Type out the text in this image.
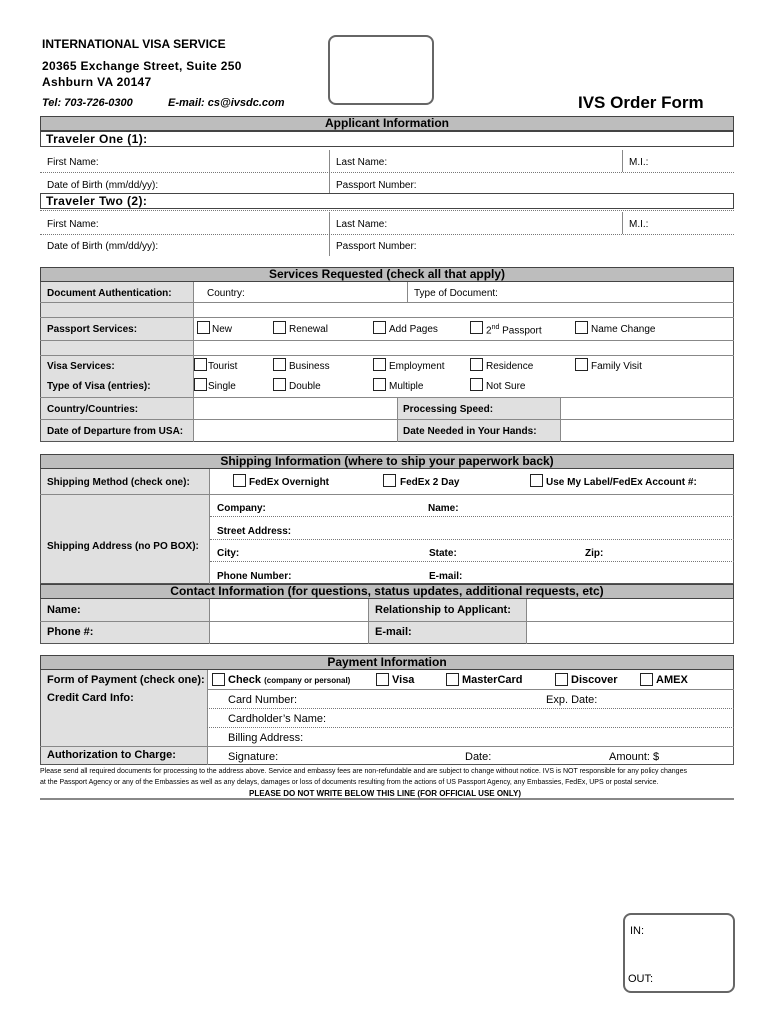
INTERNATIONAL VISA SERVICE
20365 Exchange Street, Suite 250
Ashburn VA 20147
Tel: 703-726-0300	E-mail: cs@ivsdc.com	IVS Order Form
Applicant Information
Traveler One (1):
First Name:	Last Name:	M.I.:
Date of Birth (mm/dd/yy):	Passport Number:
Traveler Two (2):
First Name:	Last Name:	M.I.:
Date of Birth (mm/dd/yy):	Passport Number:
Services Requested (check all that apply)
Document Authentication:	Country:	Type of Document:
Passport Services:	New	Renewal	Add Pages	2nd Passport	Name Change
Visa Services:	Tourist	Business	Employment	Residence	Family Visit
Type of Visa (entries):	Single	Double	Multiple	Not Sure
Country/Countries:	Processing Speed:
Date of Departure from USA:	Date Needed in Your Hands:
Shipping Information (where to ship your paperwork back)
Shipping Method (check one):	FedEx Overnight	FedEx 2 Day	Use My Label/FedEx Account #:
Shipping Address (no PO BOX):
Company:	Name:
Street Address:
City:	State:	Zip:
Phone Number:	E-mail:
Contact Information (for questions, status updates, additional requests, etc)
Name:	Relationship to Applicant:
Phone #:	E-mail:
Payment Information
Form of Payment (check one): Check (company or personal)	Visa	MasterCard	Discover	AMEX
Credit Card Info:	Card Number:	Exp. Date:
Cardholder’s Name:
Billing Address:
Authorization to Charge:	Signature:	Date:	Amount: $
Please send all required documents for processing to the address above. Service and embassy fees are non-refundable and are subject to change without notice. IVS is NOT responsible for any policy changes
at the Passport Agency or any of the Embassies as well as any delays, damages or loss of documents resulting from the actions of US Passport Agency, any Embassies, FedEx, UPS or postal service.
PLEASE DO NOT WRITE BELOW THIS LINE (FOR OFFICIAL USE ONLY)
IN:
OUT:
